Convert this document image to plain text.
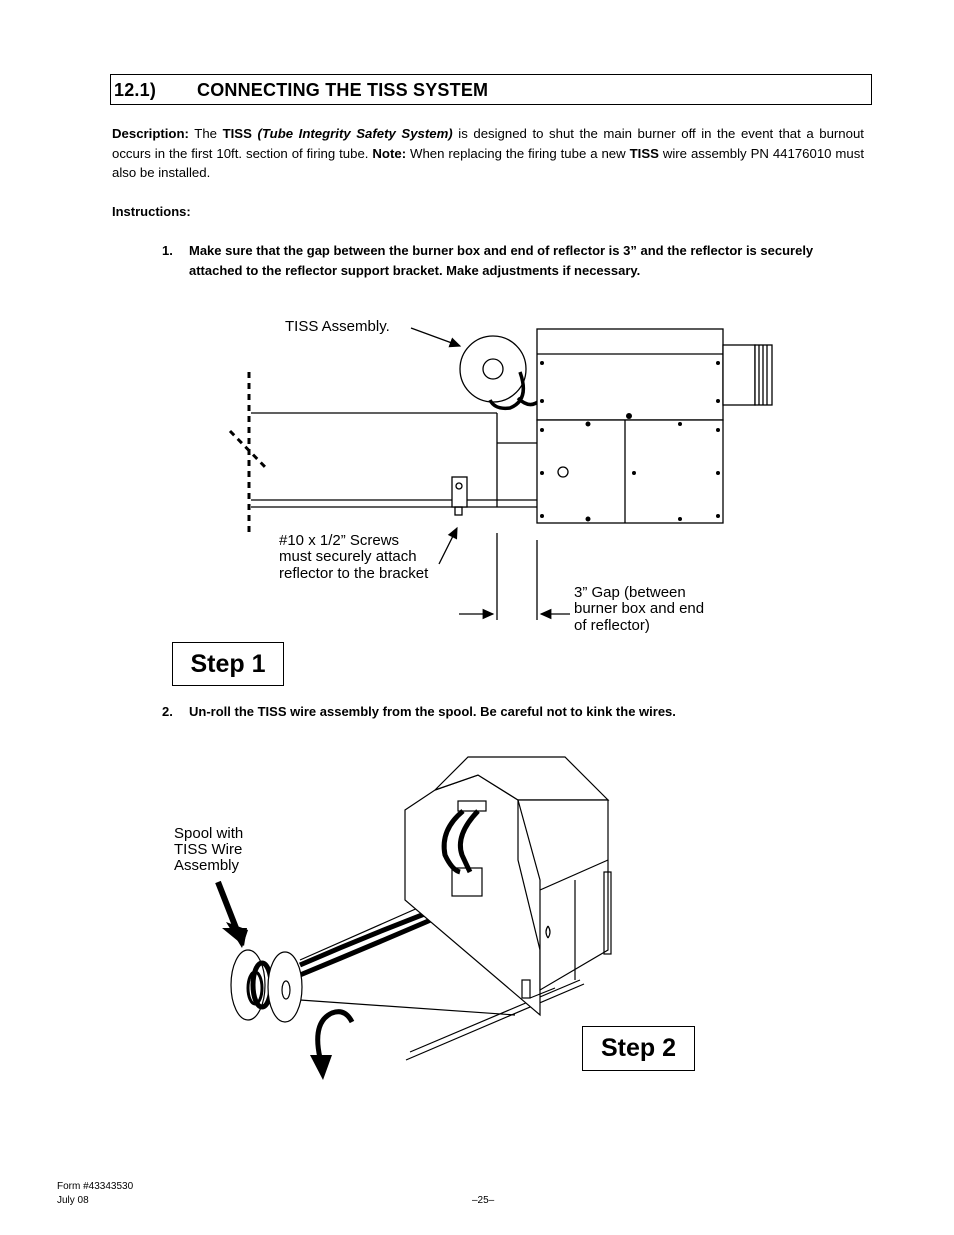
12.1) CONNECTING THE TISS SYSTEM
Description: The TISS (Tube Integrity Safety System) is designed to shut the main burner off in the event that a burnout occurs in the first 10ft. section of firing tube. Note: When replacing the firing tube a new TISS wire assembly PN 44176010 must also be installed.
Instructions:
1. Make sure that the gap between the burner box and end of reflector is 3” and the reflector is securely attached to the reflector support bracket. Make adjustments if necessary.
TISS Assembly.
#10 x 1/2” Screws
must securely attach
reflector to the bracket
3” Gap (between
burner box and end
of reflector)
Step 1
2. Un-roll the TISS wire assembly from the spool. Be careful not to kink the wires.
Spool with
TISS Wire
Assembly
Step 2
Form #43343530
July 08	–25–
